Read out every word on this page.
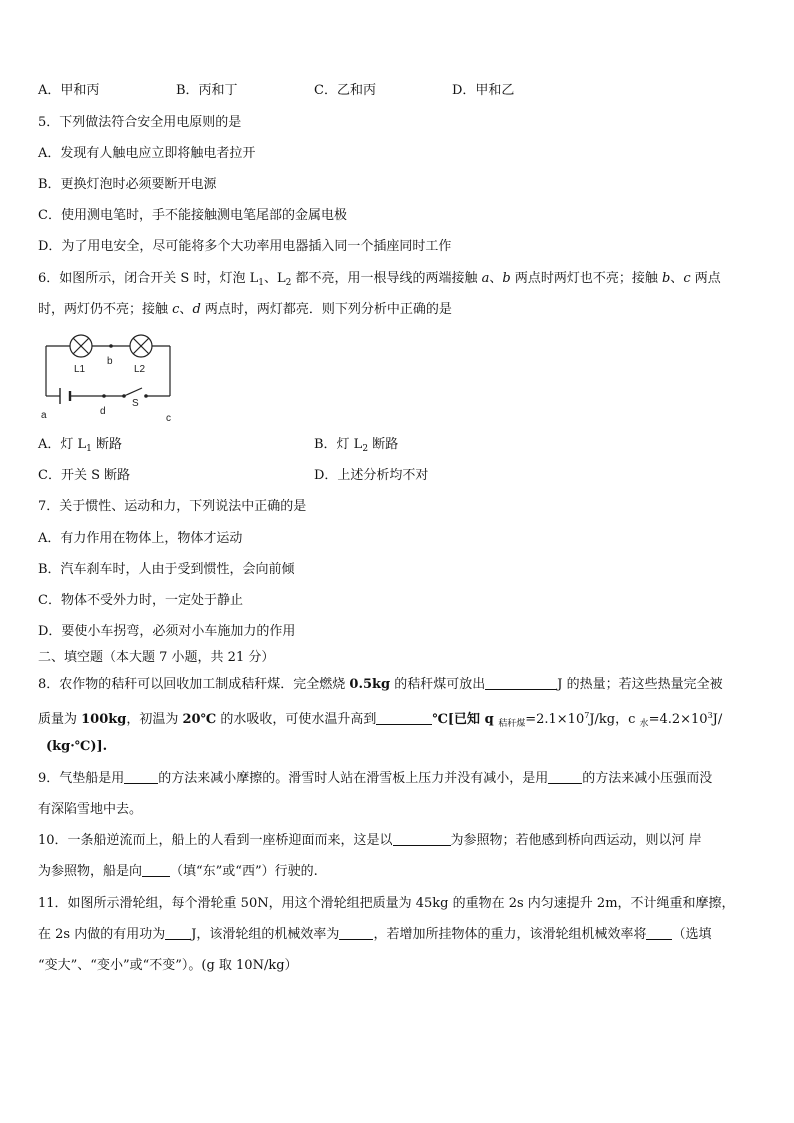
A．甲和丙	B．丙和丁	C．乙和丙	D．甲和乙
5．下列做法符合安全用电原则的是
A．发现有人触电应立即将触电者拉开
B．更换灯泡时必须要断开电源
C．使用测电笔时，手不能接触测电笔尾部的金属电极
D．为了用电安全，尽可能将多个大功率用电器插入同一个插座同时工作
6．如图所示，闭合开关 S 时，灯泡 $L_1$、$L_2$ 都不亮，用一根导线的两端接触 a、b 两点时两灯也不亮；接触 b、c 两点
时，两灯仍不亮；接触 c、d 两点时，两灯都亮．则下列分析中正确的是
L1
b
L2
S
a	d
c
A．灯 $L_1$ 断路	B．灯 $L_2$ 断路
C．开关 S 断路	D．上述分析均不对
7．关于惯性、运动和力，下列说法中正确的是
A．有力作用在物体上，物体才运动
B．汽车刹车时，人由于受到惯性，会向前倾
C．物体不受外力时，一定处于静止
D．要使小车拐弯，必须对小车施加力的作用
二、填空题（本大题 7 小题，共 21 分）
8．农作物的秸秆可以回收加工制成秸秆煤．完全燃烧 0.5kg 的秸秆煤可放出	J 的热量；若这些热量完全被
质量为 100kg，初温为 20℃ 的水吸收，可使水温升高到	℃[已知 q $_{秸秆煤}=2.1\times 10^7J/kg$，c $_水=4.2\times 10^3J/$
(kg·℃)].
9．气垫船是用	的方法来减小摩擦的。滑雪时人站在滑雪板上压力并没有减小，是用	的方法来减小压强而没
有深陷雪地中去。
10．一条船逆流而上，船上的人看到一座桥迎面而来，这是以	为参照物；若他感到桥向西运动，则以河 岸
为参照物，船是向 （填“东”或“西”）行驶的.
11．如图所示滑轮组，每个滑轮重 50N，用这个滑轮组把质量为 45kg 的重物在 2s 内匀速提升 2m，不计绳重和摩擦，
在 2s 内做的有用功为 J，该滑轮组的机械效率为	，若增加所挂物体的重力，该滑轮组机械效率将 （选填
“变大”、“变小”或“不变”）。(g 取 10N/kg）
